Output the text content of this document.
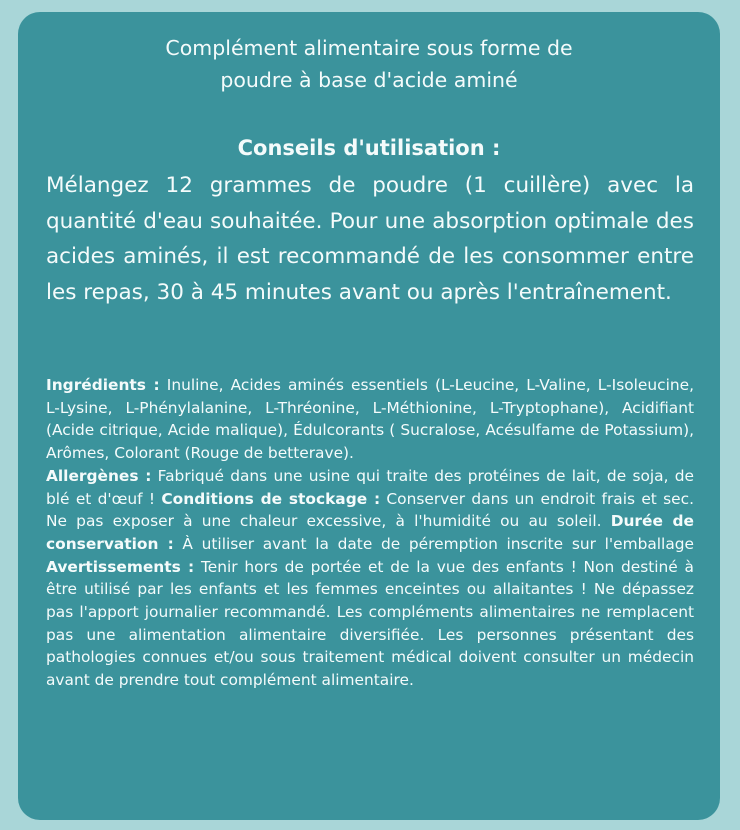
Complément alimentaire sous forme de
poudre à base d'acide aminé
Conseils d'utilisation :
Mélangez 12 grammes de poudre (1 cuillère) avec la quantité d'eau souhaitée. Pour une absorption optimale des acides aminés, il est recommandé de les consommer entre les repas, 30 à 45 minutes avant ou après l'entraînement.
Ingrédients : Inuline, Acides aminés essentiels (L-Leucine, L-Valine, L-Isoleucine, L-Lysine, L-Phénylalanine, L-Thréonine, L-Méthionine, L-Tryptophane), Acidifiant (Acide citrique, Acide malique), Édulcorants ( Sucralose, Acésulfame de Potassium), Arômes, Colorant (Rouge de betterave).
Allergènes : Fabriqué dans une usine qui traite des protéines de lait, de soja, de blé et d'œuf ! Conditions de stockage : Conserver dans un endroit frais et sec. Ne pas exposer à une chaleur excessive, à l'humidité ou au soleil. Durée de conservation : À utiliser avant la date de péremption inscrite sur l'emballage Avertissements : Tenir hors de portée et de la vue des enfants ! Non destiné à être utilisé par les enfants et les femmes enceintes ou allaitantes ! Ne dépassez pas l'apport journalier recommandé. Les compléments alimentaires ne remplacent pas une alimentation alimentaire diversifiée. Les personnes présentant des pathologies connues et/ou sous traitement médical doivent consulter un médecin avant de prendre tout complément alimentaire.
